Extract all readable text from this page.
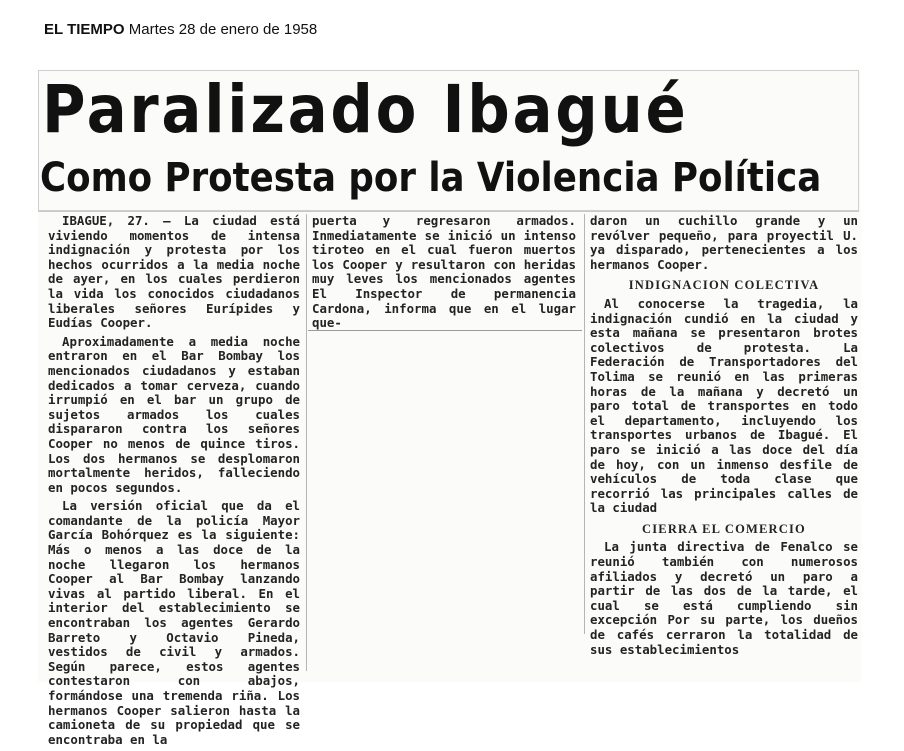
EL TIEMPO Martes 28 de enero de 1958
Paralizado Ibagué
Como Protesta por la Violencia Política

IBAGUE, 27. — La ciudad está viviendo momentos de intensa indignación y protesta por los hechos ocurridos a la media noche de ayer, en los cuales perdieron la vida los conocidos ciudadanos liberales señores Eurípides y Eudías Cooper.

Aproximadamente a media noche entraron en el Bar Bombay los mencionados ciudadanos y estaban dedicados a tomar cerveza, cuando irrumpió en el bar un grupo de sujetos armados los cuales dispararon contra los señores Cooper no menos de quince tiros. Los dos hermanos se desplomaron mortalmente heridos, falleciendo en pocos segundos.

La versión oficial que da el comandante de la policía Mayor García Bohórquez es la siguiente: Más o menos a las doce de la noche llegaron los hermanos Cooper al Bar Bombay lanzando vivas al partido liberal. En el interior del establecimiento se encontraban los agentes Gerardo Barreto y Octavio Pineda, vestidos de civil y armados. Según parece, estos agentes contestaron con abajos, formándose una tremenda riña. Los hermanos Cooper salieron hasta la camioneta de su propiedad que se encontraba en la

puerta y regresaron armados. Inmediatamente se inició un intenso tiroteo en el cual fueron muertos los Cooper y resultaron con heridas muy leves los mencionados agentes El Inspector de permanencia Cardona, informa que en el lugar que-

daron un cuchillo grande y un revólver pequeño, para proyectil U. ya disparado, pertenecientes a los hermanos Cooper.

INDIGNACION COLECTIVA

Al conocerse la tragedia, la indignación cundió en la ciudad y esta mañana se presentaron brotes colectivos de protesta. La Federación de Transportadores del Tolima se reunió en las primeras horas de la mañana y decretó un paro total de transportes en todo el departamento, incluyendo los transportes urbanos de Ibagué. El paro se inició a las doce del día de hoy, con un inmenso desfile de vehículos de toda clase que recorrió las principales calles de la ciudad

CIERRA EL COMERCIO

La junta directiva de Fenalco se reunió también con numerosos afiliados y decretó un paro a partir de las dos de la tarde, el cual se está cumpliendo sin excepción Por su parte, los dueños de cafés cerraron la totalidad de sus establecimientos
